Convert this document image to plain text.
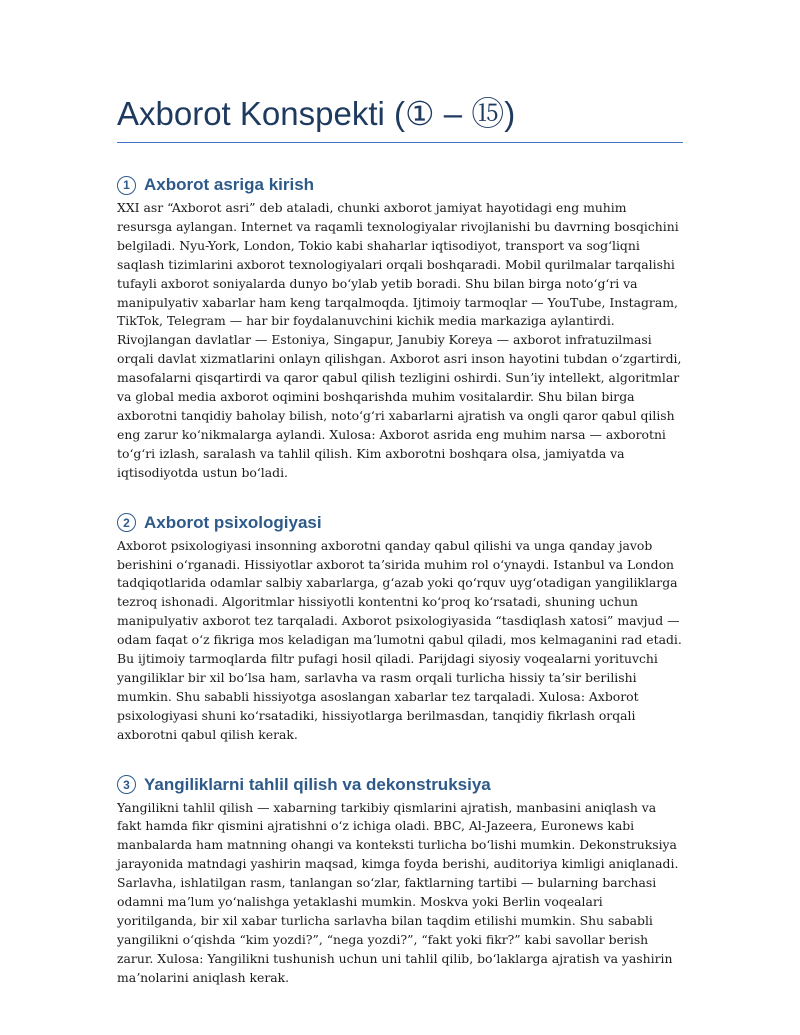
Axborot Konspekti (① – ⑮)
1 Axborot asriga kirish

XXI asr “Axborot asri” deb ataladi, chunki axborot jamiyat hayotidagi eng muhim resursga aylangan. Internet va raqamli texnologiyalar rivojlanishi bu davrning bosqichini belgiladi. Nyu-York, London, Tokio kabi shaharlar iqtisodiyot, transport va sogʻliqni saqlash tizimlarini axborot texnologiyalari orqali boshqaradi. Mobil qurilmalar tarqalishi tufayli axborot soniyalarda dunyo boʻylab yetib boradi. Shu bilan birga notoʻgʻri va manipulyativ xabarlar ham keng tarqalmoqda. Ijtimoiy tarmoqlar — YouTube, Instagram, TikTok, Telegram — har bir foydalanuvchini kichik media markaziga aylantirdi. Rivojlangan davlatlar — Estoniya, Singapur, Janubiy Koreya — axborot infratuzilmasi orqali davlat xizmatlarini onlayn qilishgan. Axborot asri inson hayotini tubdan oʻzgartirdi, masofalarni qisqartirdi va qaror qabul qilish tezligini oshirdi. Sunʼiy intellekt, algoritmlar va global media axborot oqimini boshqarishda muhim vositalardir. Shu bilan birga axborotni tanqidiy baholay bilish, notoʻgʻri xabarlarni ajratish va ongli qaror qabul qilish eng zarur koʻnikmalarga aylandi. Xulosa: Axborot asrida eng muhim narsa — axborotni toʻgʻri izlash, saralash va tahlil qilish. Kim axborotni boshqara olsa, jamiyatda va iqtisodiyotda ustun boʻladi.

2 Axborot psixologiyasi

Axborot psixologiyasi insonning axborotni qanday qabul qilishi va unga qanday javob berishini oʻrganadi. Hissiyotlar axborot taʼsirida muhim rol oʻynaydi. Istanbul va London tadqiqotlarida odamlar salbiy xabarlarga, gʻazab yoki qoʻrquv uygʻotadigan yangiliklarga tezroq ishonadi. Algoritmlar hissiyotli kontentni koʻproq koʻrsatadi, shuning uchun manipulyativ axborot tez tarqaladi. Axborot psixologiyasida “tasdiqlash xatosi” mavjud — odam faqat oʻz fikriga mos keladigan maʼlumotni qabul qiladi, mos kelmaganini rad etadi. Bu ijtimoiy tarmoqlarda filtr pufagi hosil qiladi. Parijdagi siyosiy voqealarni yorituvchi yangiliklar bir xil boʻlsa ham, sarlavha va rasm orqali turlicha hissiy taʼsir berilishi mumkin. Shu sababli hissiyotga asoslangan xabarlar tez tarqaladi. Xulosa: Axborot psixologiyasi shuni koʻrsatadiki, hissiyotlarga berilmasdan, tanqidiy fikrlash orqali axborotni qabul qilish kerak.

3 Yangiliklarni tahlil qilish va dekonstruksiya

Yangilikni tahlil qilish — xabarning tarkibiy qismlarini ajratish, manbasini aniqlash va fakt hamda fikr qismini ajratishni oʻz ichiga oladi. BBC, Al-Jazeera, Euronews kabi manbalarda ham matnning ohangi va konteksti turlicha boʻlishi mumkin. Dekonstruksiya jarayonida matndagi yashirin maqsad, kimga foyda berishi, auditoriya kimligi aniqlanadi. Sarlavha, ishlatilgan rasm, tanlangan soʻzlar, faktlarning tartibi — bularning barchasi odamni maʼlum yoʻnalishga yetaklashi mumkin. Moskva yoki Berlin voqealari yoritilganda, bir xil xabar turlicha sarlavha bilan taqdim etilishi mumkin. Shu sababli yangilikni oʻqishda “kim yozdi?”, “nega yozdi?”, “fakt yoki fikr?” kabi savollar berish zarur. Xulosa: Yangilikni tushunish uchun uni tahlil qilib, boʻlaklarga ajratish va yashirin maʼnolarini aniqlash kerak.
